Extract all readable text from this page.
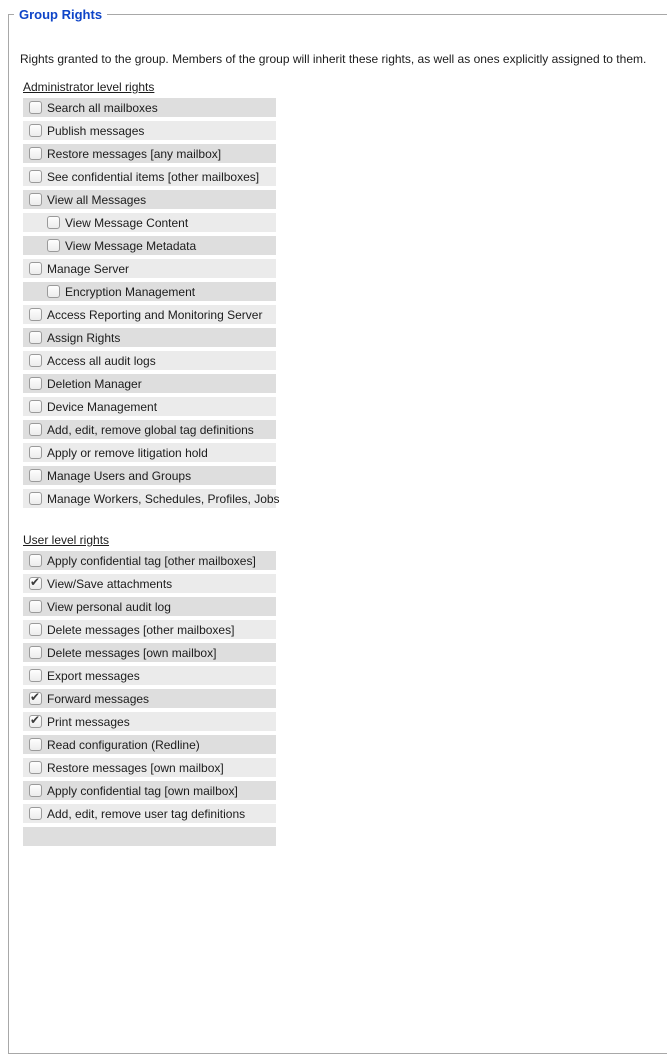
Group Rights
Rights granted to the group. Members of the group will inherit these rights, as well as ones explicitly assigned to them.
Administrator level rights
Search all mailboxes
Publish messages
Restore messages [any mailbox]
See confidential items [other mailboxes]
View all Messages
View Message Content
View Message Metadata
Manage Server
Encryption Management
Access Reporting and Monitoring Server
Assign Rights
Access all audit logs
Deletion Manager
Device Management
Add, edit, remove global tag definitions
Apply or remove litigation hold
Manage Users and Groups
Manage Workers, Schedules, Profiles, Jobs
User level rights
Apply confidential tag [other mailboxes]
✔ View/Save attachments
View personal audit log
Delete messages [other mailboxes]
Delete messages [own mailbox]
Export messages
✔ Forward messages
✔ Print messages
Read configuration (Redline)
Restore messages [own mailbox]
Apply confidential tag [own mailbox]
Add, edit, remove user tag definitions
